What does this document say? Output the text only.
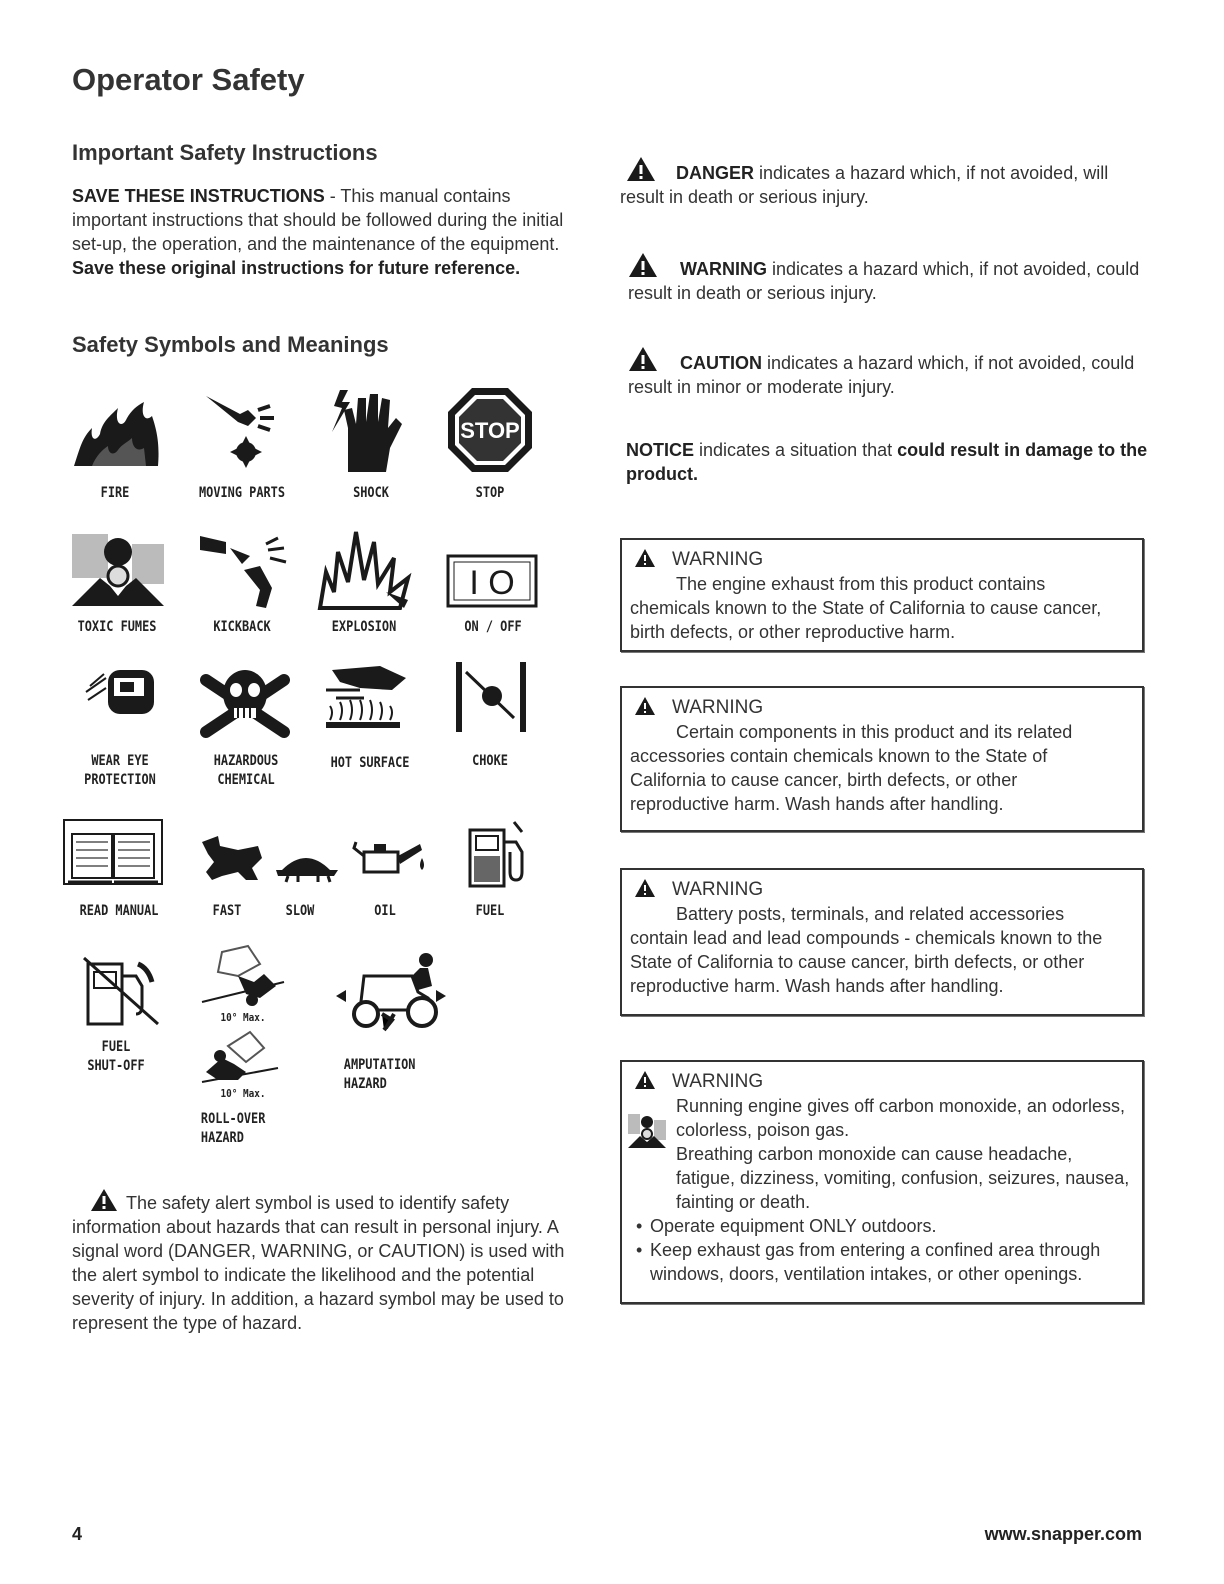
Operator Safety
Important Safety Instructions

SAVE THESE INSTRUCTIONS - This manual contains important instructions that should be followed during the initial set-up, the operation, and the maintenance of the equipment. Save these original instructions for future reference.

Safety Symbols and Meanings
STOP
FIRE	MOVING PARTS	SHOCK	STOP
I O
TOXIC FUMES	KICKBACK	EXPLOSION	ON / OFF
WEAR EYE
PROTECTION
HAZARDOUS
CHEMICAL
HOT SURFACE	CHOKE
READ MANUAL	FAST	SLOW	OIL	FUEL
10° Max.
10° Max.
FUEL
SHUT-OFF
ROLL-OVER
HAZARD
AMPUTATION
HAZARD

The safety alert symbol is used to identify safety information about hazards that can result in personal injury. A signal word (DANGER, WARNING, or CAUTION) is used with the alert symbol to indicate the likelihood and the potential severity of injury. In addition, a hazard symbol may be used to represent the type of hazard.

DANGER indicates a hazard which, if not avoided, will result in death or serious injury.

WARNING indicates a hazard which, if not avoided, could result in death or serious injury.

CAUTION indicates a hazard which, if not avoided, could result in minor or moderate injury.

NOTICE indicates a situation that could result in damage to the product.

WARNING
The engine exhaust from this product contains
chemicals known to the State of California to cause cancer, birth defects, or other reproductive harm.
WARNING
Certain components in this product and its related
accessories contain chemicals known to the State of California to cause cancer, birth defects, or other reproductive harm. Wash hands after handling.
WARNING
Battery posts, terminals, and related accessories
contain lead and lead compounds - chemicals known to the State of California to cause cancer, birth defects, or other reproductive harm. Wash hands after handling.
WARNING
Running engine gives off carbon monoxide, an odorless, colorless, poison gas.
Breathing carbon monoxide can cause headache, fatigue, dizziness, vomiting, confusion, seizures, nausea, fainting or death.
• Operate equipment ONLY outdoors.
• Keep exhaust gas from entering a confined area through windows, doors, ventilation intakes, or other openings.
4	www.snapper.com
